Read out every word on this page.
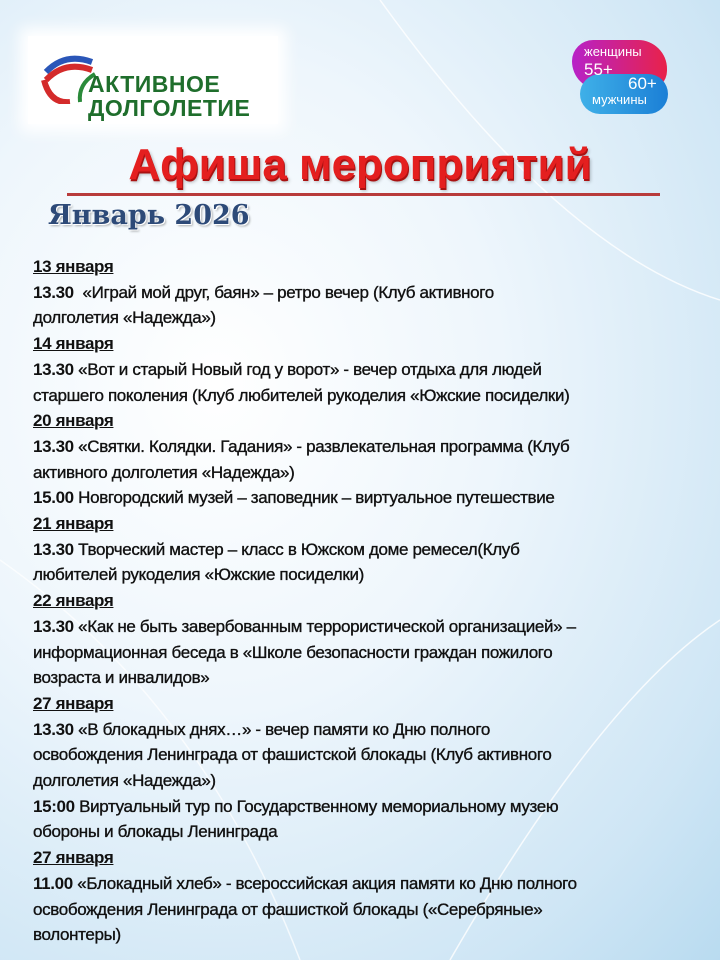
АКТИВНОЕ
ДОЛГОЛЕТИЕ
женщины
55+
60+
мужчины
Афиша мероприятий
Январь 2026
13 января
13.30  «Играй мой друг, баян» – ретро вечер (Клуб активного
долголетия «Надежда»)
14 января
13.30 «Вот и старый Новый год у ворот» - вечер отдыха для людей
старшего поколения (Клуб любителей рукоделия «Южские посиделки)
20 января
13.30 «Святки. Колядки. Гадания» - развлекательная программа (Клуб
активного долголетия «Надежда»)
15.00 Новгородский музей – заповедник – виртуальное путешествие
21 января
13.30 Творческий мастер – класс в Южском доме ремесел(Клуб
любителей рукоделия «Южские посиделки)
22 января
13.30 «Как не быть завербованным террористической организацией» –
информационная беседа в «Школе безопасности граждан пожилого
возраста и инвалидов»
27 января
13.30 «В блокадных днях…» - вечер памяти ко Дню полного
освобождения Ленинграда от фашистской блокады (Клуб активного
долголетия «Надежда»)
15:00 Виртуальный тур по Государственному мемориальному музею
обороны и блокады Ленинграда
27 января
11.00 «Блокадный хлеб» - всероссийская акция памяти ко Дню полного
освобождения Ленинграда от фашисткой блокады («Серебряные»
волонтеры)
